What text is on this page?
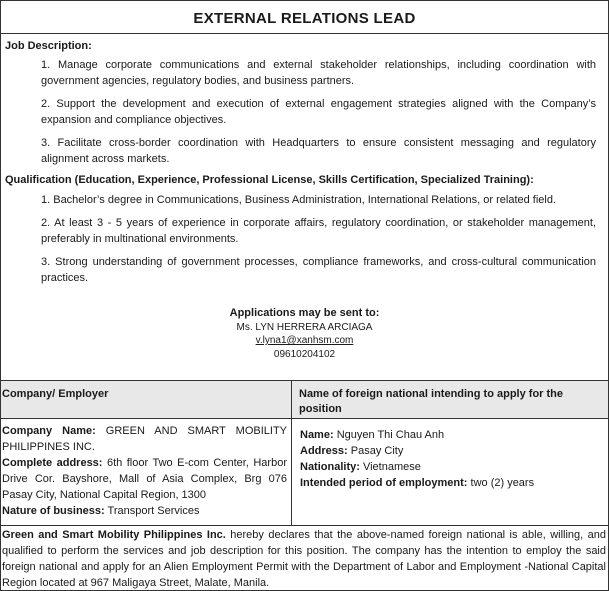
EXTERNAL RELATIONS LEAD
Job Description:
1. Manage corporate communications and external stakeholder relationships, including coordination with government agencies, regulatory bodies, and business partners.
2. Support the development and execution of external engagement strategies aligned with the Company’s expansion and compliance objectives.
3. Facilitate cross-border coordination with Headquarters to ensure consistent messaging and regulatory alignment across markets.
Qualification (Education, Experience, Professional License, Skills Certification, Specialized Training):
1. Bachelor’s degree in Communications, Business Administration, International Relations, or related field.
2. At least 3 - 5 years of experience in corporate affairs, regulatory coordination, or stakeholder management, preferably in multinational environments.
3. Strong understanding of government processes, compliance frameworks, and cross-cultural communication practices.
Applications may be sent to:
Ms. LYN HERRERA ARCIAGA
v.lyna1@xanhsm.com
09610204102
Company/ Employer
Company Name: GREEN AND SMART MOBILITY PHILIPPINES INC.
Complete address: 6th floor Two E-com Center, Harbor Drive Cor. Bayshore, Mall of Asia Complex, Brg 076 Pasay City, National Capital Region, 1300
Nature of business: Transport Services
Name of foreign national intending to apply for the position
Name: Nguyen Thi Chau Anh
Address: Pasay City
Nationality: Vietnamese
Intended period of employment: two (2) years
Green and Smart Mobility Philippines Inc. hereby declares that the above-named foreign national is able, willing, and qualified to perform the services and job description for this position. The company has the intention to employ the said foreign national and apply for an Alien Employment Permit with the Department of Labor and Employment -National Capital Region located at 967 Maligaya Street, Malate, Manila.
